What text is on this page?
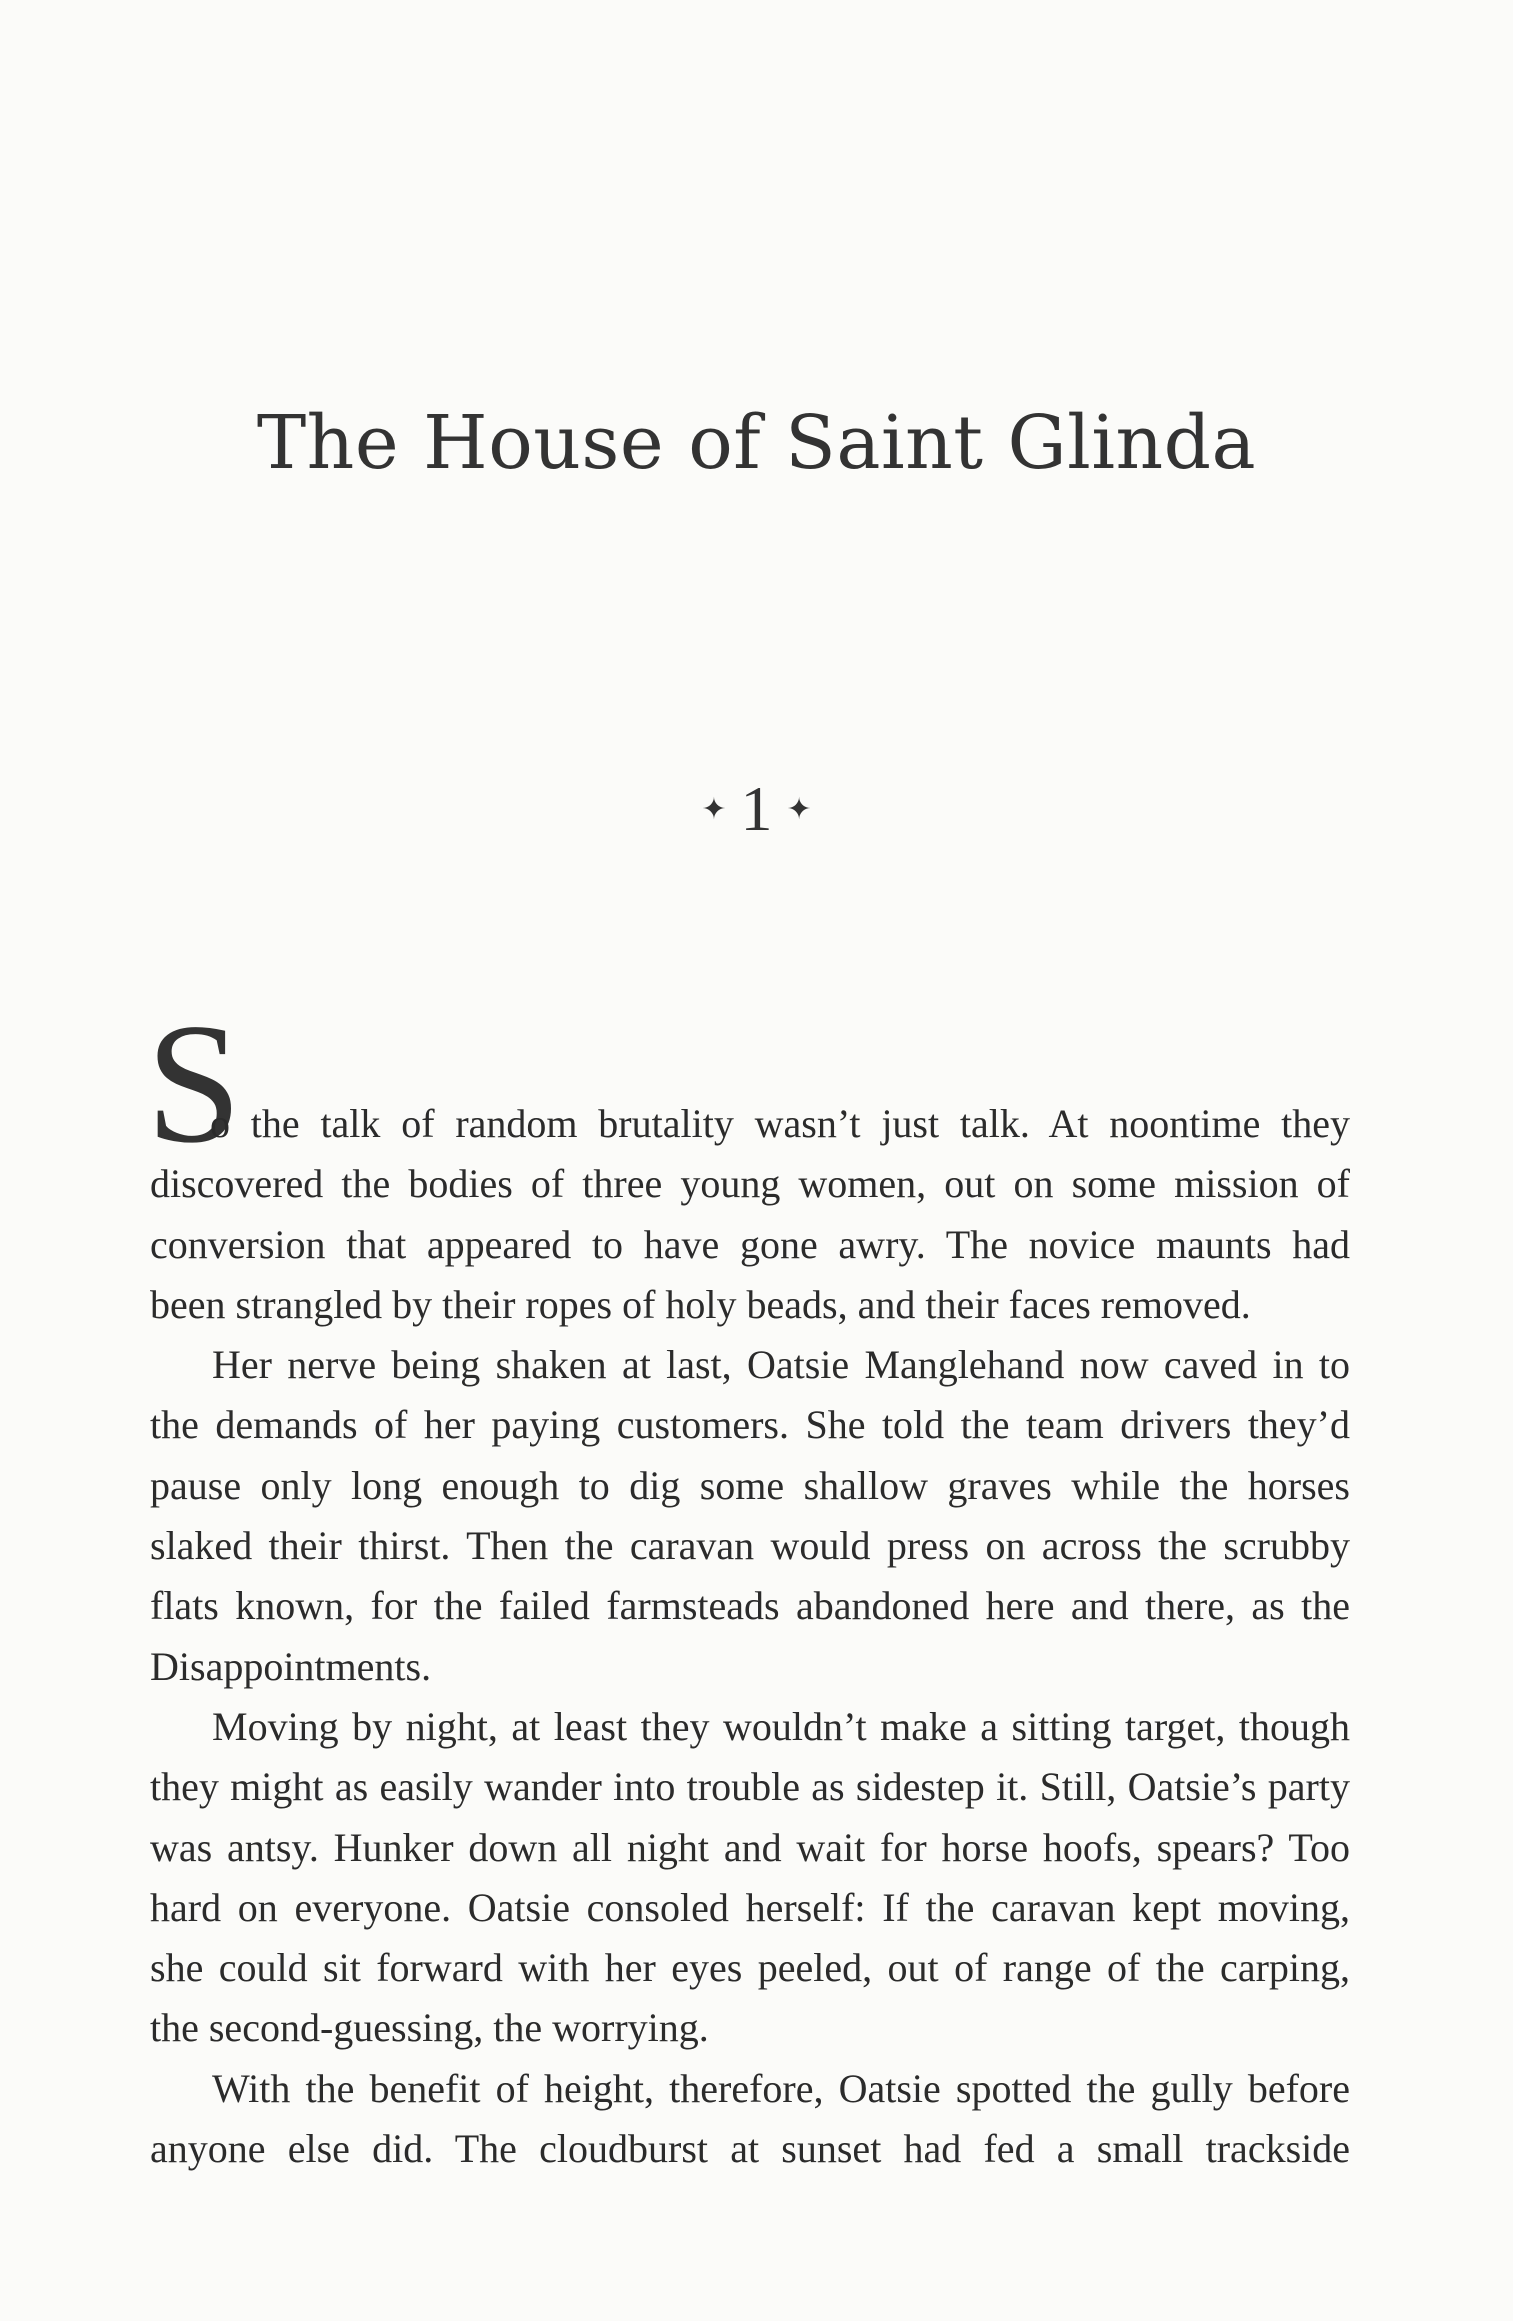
The House of Saint Glinda
✦ 1 ✦
S
o the talk of random brutality wasn’t just talk. At noontime they
discovered the bodies of three young women, out on some mission of
conversion that appeared to have gone awry. The novice maunts had
been strangled by their ropes of holy beads, and their faces removed.
Her nerve being shaken at last, Oatsie Manglehand now caved in to
the demands of her paying customers. She told the team drivers they’d
pause only long enough to dig some shallow graves while the horses
slaked their thirst. Then the caravan would press on across the scrubby
flats known, for the failed farmsteads abandoned here and there, as the
Disappointments.
Moving by night, at least they wouldn’t make a sitting target, though
they might as easily wander into trouble as sidestep it. Still, Oatsie’s party
was antsy. Hunker down all night and wait for horse hoofs, spears? Too
hard on everyone. Oatsie consoled herself: If the caravan kept moving,
she could sit forward with her eyes peeled, out of range of the carping,
the second-guessing, the worrying.
With the benefit of height, therefore, Oatsie spotted the gully before
anyone else did. The cloudburst at sunset had fed a small trackside
